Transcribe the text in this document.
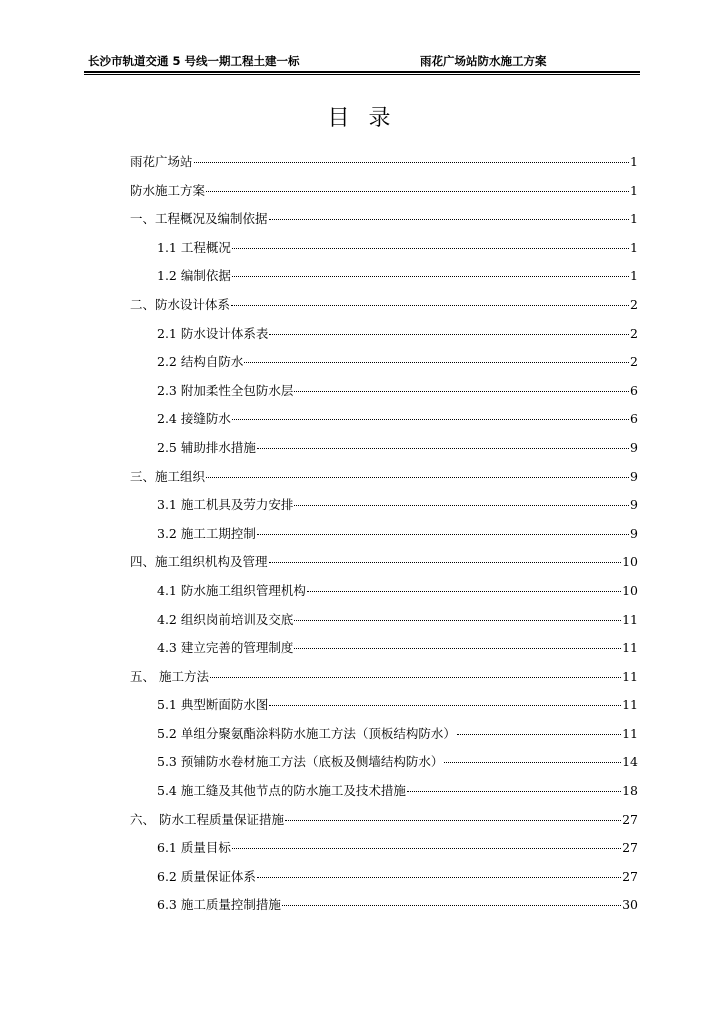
长沙市轨道交通 5 号线一期工程土建一标	雨花广场站防水施工方案
目 录
雨花广场站	1
防水施工方案	1
一、工程概况及编制依据	1
1.1 工程概况	1
1.2 编制依据	1
二、防水设计体系	2
2.1 防水设计体系表	2
2.2 结构自防水	2
2.3 附加柔性全包防水层	6
2.4 接缝防水	6
2.5 辅助排水措施	9
三、施工组织	9
3.1 施工机具及劳力安排	9
3.2 施工工期控制	9
四、施工组织机构及管理	10
4.1 防水施工组织管理机构	10
4.2 组织岗前培训及交底	11
4.3 建立完善的管理制度	11
五、 施工方法	11
5.1 典型断面防水图	11
5.2 单组分聚氨酯涂料防水施工方法（顶板结构防水）	11
5.3 预铺防水卷材施工方法（底板及侧墙结构防水）	14
5.4 施工缝及其他节点的防水施工及技术措施	18
六、 防水工程质量保证措施	27
6.1 质量目标	27
6.2 质量保证体系	27
6.3 施工质量控制措施	30
